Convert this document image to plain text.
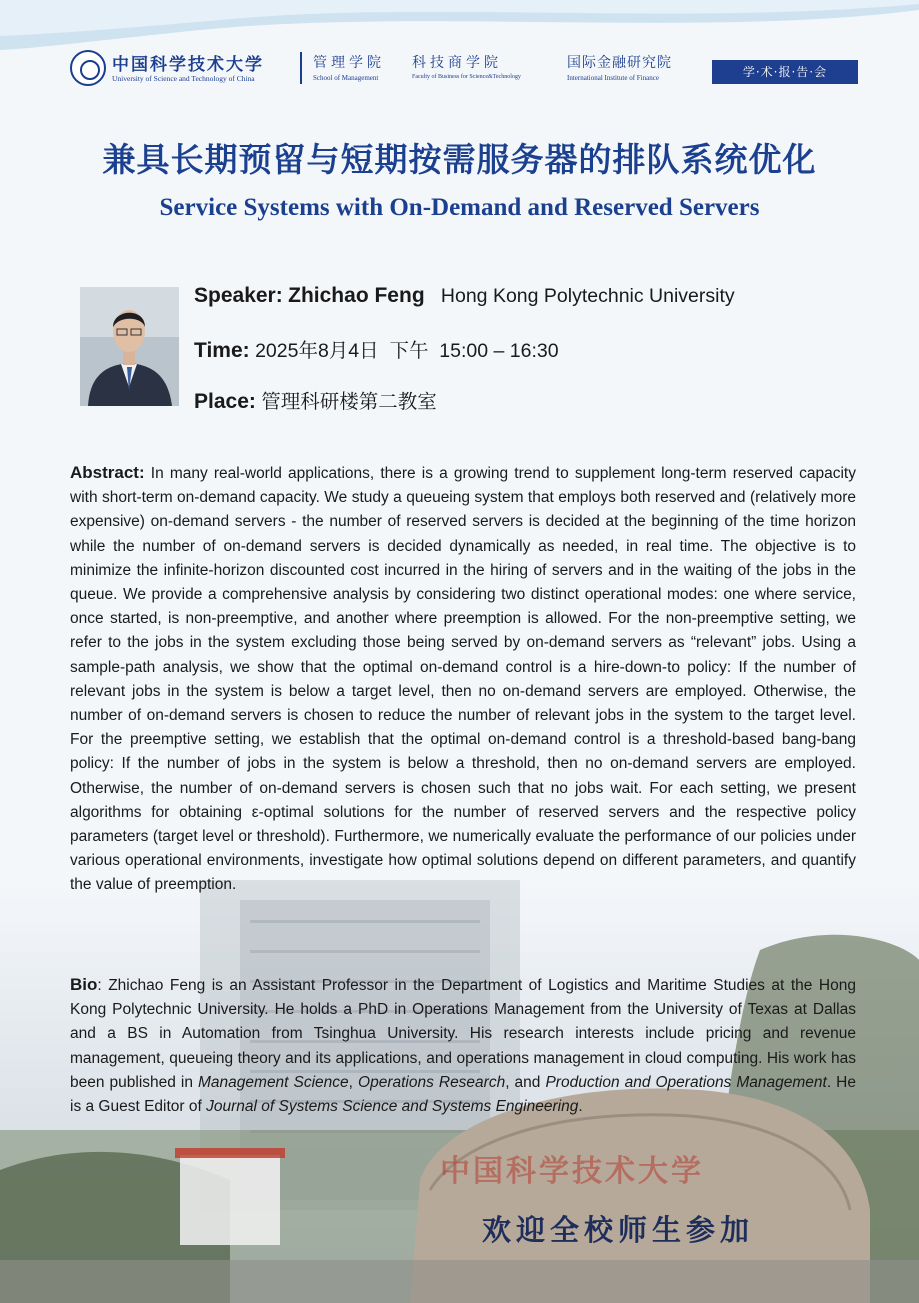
中国科学技术大学
University of Science and Technology of China
管理学院
School of Management
科技商学院
Faculty of Business for Science&Technology
国际金融研究院
International Institute of Finance	学·术·报·告·会
兼具长期预留与短期按需服务器的排队系统优化
Service Systems with On-Demand and Reserved Servers
Speaker: Zhichao Feng Hong Kong Polytechnic University
Time: 2025年8月4日  下午  15:00 – 16:30
Place: 管理科研楼第二教室
中国科学技术大学
Abstract: In many real-world applications, there is a growing trend to supplement long-term reserved capacity with short-term on-demand capacity. We study a queueing system that employs both reserved and (relatively more expensive) on-demand servers - the number of reserved servers is decided at the beginning of the time horizon while the number of on-demand servers is decided dynamically as needed, in real time. The objective is to minimize the infinite-horizon discounted cost incurred in the hiring of servers and in the waiting of the jobs in the queue. We provide a comprehensive analysis by considering two distinct operational modes: one where service, once started, is non-preemptive, and another where preemption is allowed. For the non-preemptive setting, we refer to the jobs in the system excluding those being served by on-demand servers as “relevant” jobs. Using a sample-path analysis, we show that the optimal on-demand control is a hire-down-to policy: If the number of relevant jobs in the system is below a target level, then no on-demand servers are employed. Otherwise, the number of on-demand servers is chosen to reduce the number of relevant jobs in the system to the target level. For the preemptive setting, we establish that the optimal on-demand control is a threshold-based bang-bang policy: If the number of jobs in the system is below a threshold, then no on-demand servers are employed. Otherwise, the number of on-demand servers is chosen such that no jobs wait. For each setting, we present algorithms for obtaining ε-optimal solutions for the number of reserved servers and the respective policy parameters (target level or threshold). Furthermore, we numerically evaluate the performance of our policies under various operational environments, investigate how optimal solutions depend on different parameters, and quantify the value of preemption.
Bio: Zhichao Feng is an Assistant Professor in the Department of Logistics and Maritime Studies at the Hong Kong Polytechnic University. He holds a PhD in Operations Management from the University of Texas at Dallas and a BS in Automation from Tsinghua University. His research interests include pricing and revenue management, queueing theory and its applications, and operations management in cloud computing. His work has been published in Management Science, Operations Research, and Production and Operations Management. He is a Guest Editor of Journal of Systems Science and Systems Engineering.
欢迎全校师生参加
